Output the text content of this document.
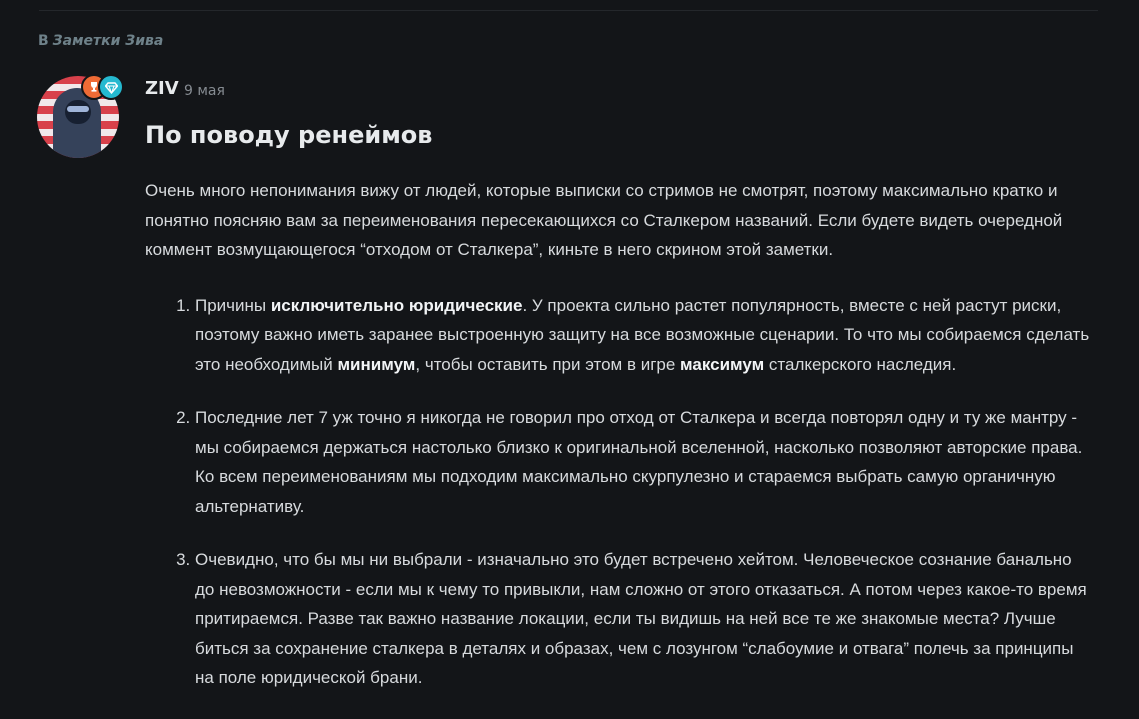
В Заметки Зива
ZIV 9 мая
По поводу ренеймов

Очень много непонимания вижу от людей, которые выписки со стримов не смотрят, поэтому максимально кратко и понятно поясняю вам за переименования пересекающихся со Сталкером названий. Если будете видеть очередной коммент возмущающегося “отходом от Сталкера”, киньте в него скрином этой заметки.

1. Причины исключительно юридические. У проекта сильно растет популярность, вместе с ней растут риски, поэтому важно иметь заранее выстроенную защиту на все возможные сценарии. То что мы собираемся сделать это необходимый минимум, чтобы оставить при этом в игре максимум сталкерского наследия.
2. Последние лет 7 уж точно я никогда не говорил про отход от Сталкера и всегда повторял одну и ту же мантру - мы собираемся держаться настолько близко к оригинальной вселенной, насколько позволяют авторские права. Ко всем переименованиям мы подходим максимально скурпулезно и стараемся выбрать самую органичную альтернативу.
3. Очевидно, что бы мы ни выбрали - изначально это будет встречено хейтом. Человеческое сознание банально до невозможности - если мы к чему то привыкли, нам сложно от этого отказаться. А потом через какое-то время притираемся. Разве так важно название локации, если ты видишь на ней все те же знакомые места? Лучше биться за сохранение сталкера в деталях и образах, чем с лозунгом “слабоумие и отвага” полечь за принципы на поле юридической брани.
